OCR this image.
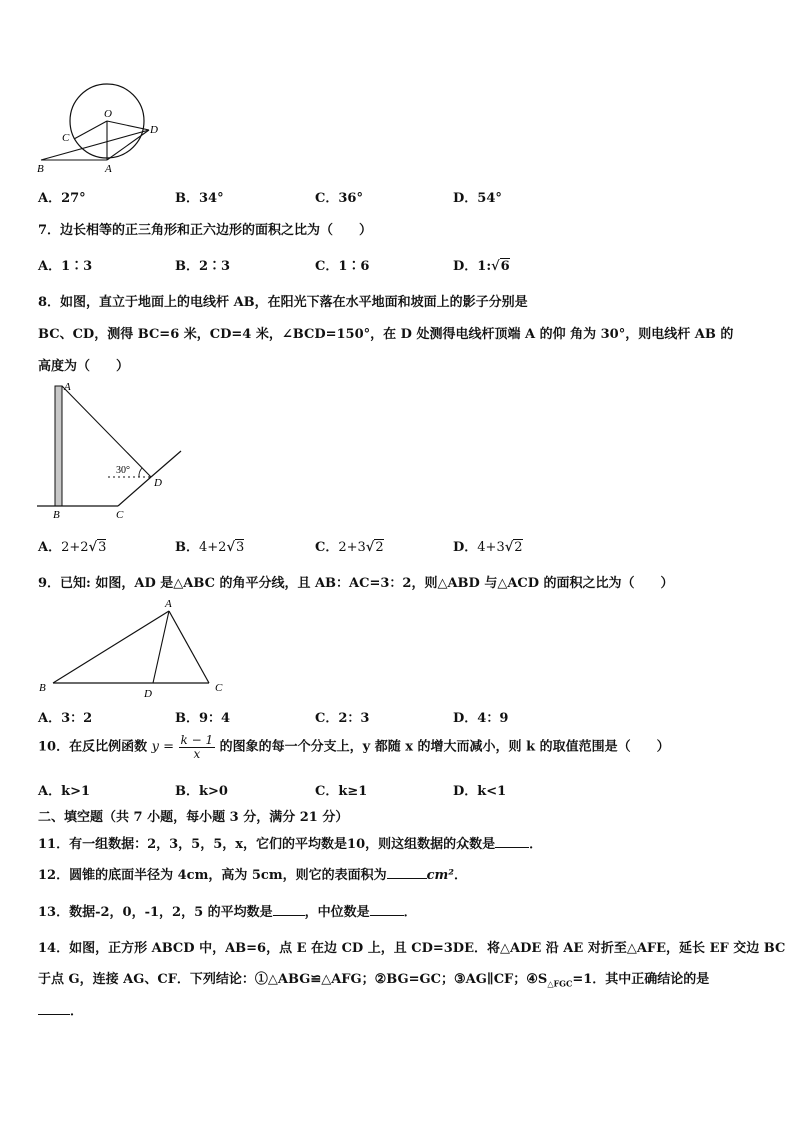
O
C
D
B	A
A．27°	B．34°	C．36°	D．54°
7．边长相等的正三角形和正六边形的面积之比为（　　）
A．1∶3	B．2∶3	C．1∶6	D．1:√6
8．如图，直立于地面上的电线杆 AB，在阳光下落在水平地面和坡面上的影子分别是
BC、CD，测得 BC=6 米，CD=4 米，∠BCD=150°，在 D 处测得电线杆顶端 A 的仰 角为 30°，则电线杆 AB 的
高度为（　　）
30°
A
B	C
D
A．2+2√3	B．4+2√3	C．2+3√2	D．4+3√2
9．已知: 如图，AD 是△ABC 的角平分线，且 AB：AC=3：2，则△ABD 与△ACD 的面积之比为（　　）
A
B	C
D
A．3：2	B．9：4	C．2：3	D．4：9
10．在反比例函数 $y = \frac{k - 1}{x}$ 的图象的每一个分支上，y 都随 x 的增大而减小，则 k 的取值范围是（　　）
A．k>1	B．k>0	C．k≥1	D．k<1
二、填空题（共 7 小题，每小题 3 分，满分 21 分）
11．有一组数据：2，3，5，5，x，它们的平均数是10，则这组数据的众数是	．
12．圆锥的底面半径为 4cm，高为 5cm，则它的表面积为	cm²．
13．数据-2，0，-1，2，5 的平均数是 ，中位数是	．
14．如图，正方形 ABCD 中，AB=6，点 E 在边 CD 上，且 CD=3DE．将△ADE 沿 AE 对折至△AFE，延长 EF 交边 BC
于点 G，连接 AG、CF．下列结论：①△ABG≌△AFG；②BG=GC；③AG∥CF；$④S_{\triangle FGC}=1$．其中正确结论的是
．
